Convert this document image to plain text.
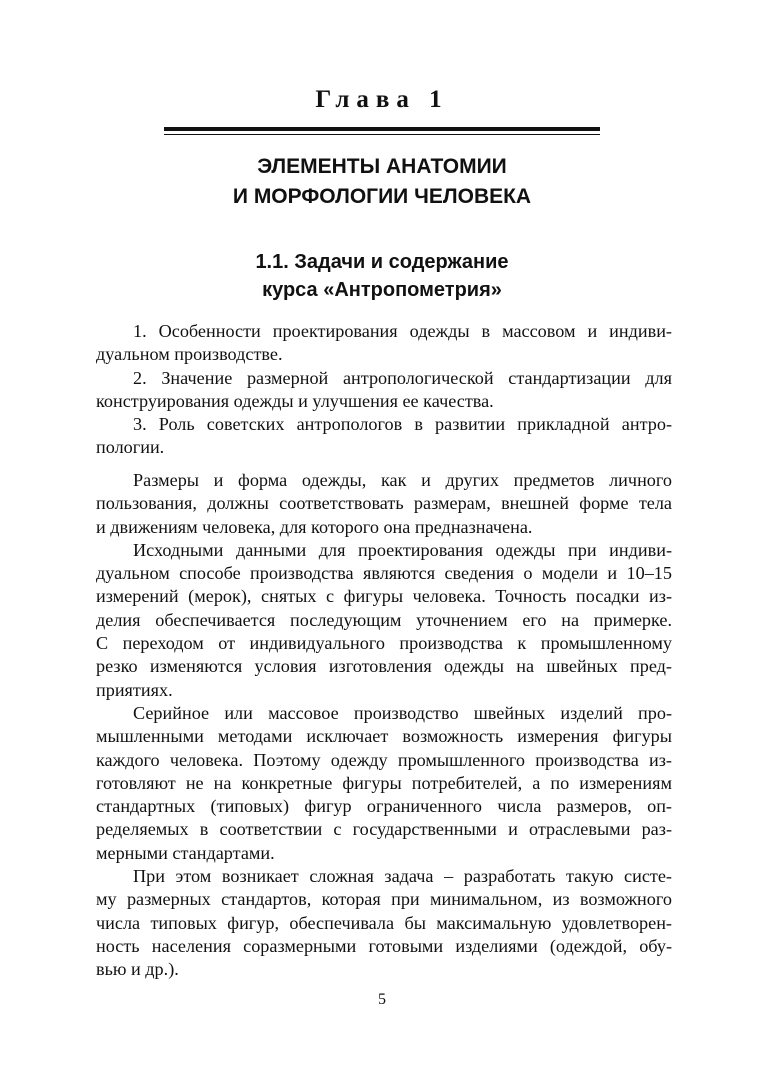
Глава 1
ЭЛЕМЕНТЫ АНАТОМИИ
И МОРФОЛОГИИ ЧЕЛОВЕКА
1.1. Задачи и содержание
курса «Антропометрия»
1. Особенности проектирования одежды в массовом и индиви-
дуальном производстве.
2. Значение размерной антропологической стандартизации для
конструирования одежды и улучшения ее качества.
3. Роль советских антропологов в развитии прикладной антро-
пологии.
Размеры и форма одежды, как и других предметов личного
пользования, должны соответствовать размерам, внешней форме тела
и движениям человека, для которого она предназначена.
Исходными данными для проектирования одежды при индиви-
дуальном способе производства являются сведения о модели и 10–15
измерений (мерок), снятых с фигуры человека. Точность посадки из-
делия обеспечивается последующим уточнением его на примерке.
С переходом от индивидуального производства к промышленному
резко изменяются условия изготовления одежды на швейных пред-
приятиях.
Серийное или массовое производство швейных изделий про-
мышленными методами исключает возможность измерения фигуры
каждого человека. Поэтому одежду промышленного производства из-
готовляют не на конкретные фигуры потребителей, а по измерениям
стандартных (типовых) фигур ограниченного числа размеров, оп-
ределяемых в соответствии с государственными и отраслевыми раз-
мерными стандартами.
При этом возникает сложная задача – разработать такую систе-
му размерных стандартов, которая при минимальном, из возможного
числа типовых фигур, обеспечивала бы максимальную удовлетворен-
ность населения соразмерными готовыми изделиями (одеждой, обу-
вью и др.).
5
